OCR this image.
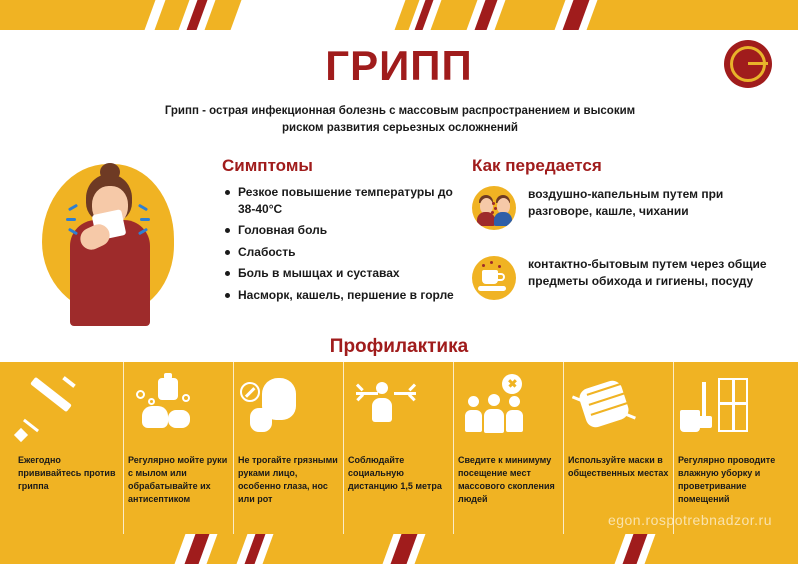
ГРИПП
Грипп - острая инфекционная болезнь с массовым распространением и высоким риском развития серьезных осложнений
Симптомы
Резкое повышение температуры до 38-40°C
Головная боль
Слабость
Боль в мышцах и суставах
Насморк, кашель, першение в горле
Как передается
воздушно-капельным путем при разговоре, кашле, чихании
контактно-бытовым путем через общие предметы обихода и гигиены, посуду
Профилактика
Ежегодно прививайтесь против гриппа
Регулярно мойте руки с мылом или обрабатывайте их антисептиком
Не трогайте грязными руками лицо, особенно глаза, нос или рот
Соблюдайте социальную дистанцию 1,5 метра
Сведите к минимуму посещение мест массового скопления людей
Используйте маски в общественных местах
Регулярно проводите влажную уборку и проветривание помещений
egon.rospotrebnadzor.ru
